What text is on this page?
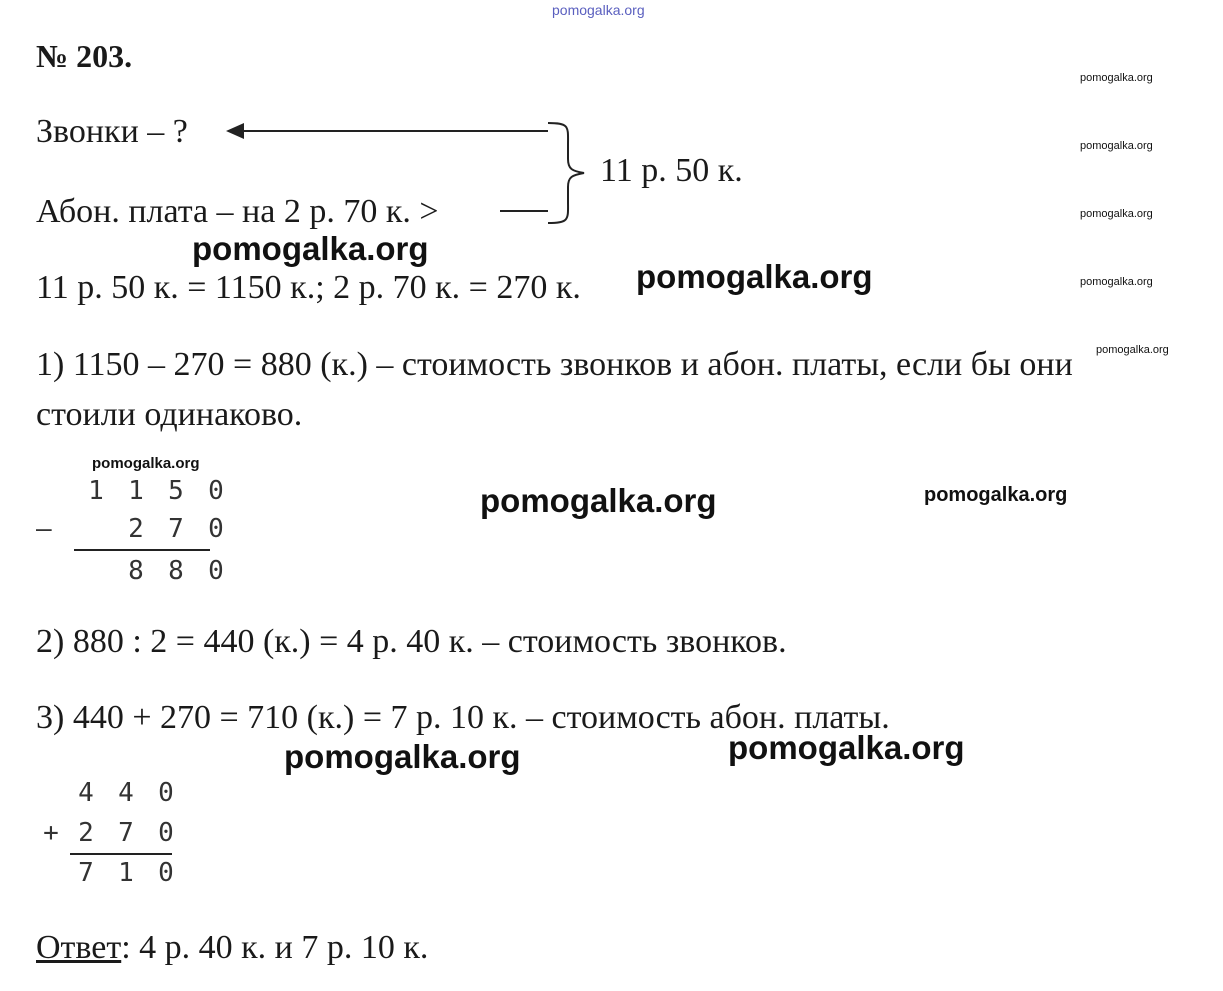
pomogalka.org
№ 203.
pomogalka.org
pomogalka.org
pomogalka.org
pomogalka.org
pomogalka.org
Звонки – ?
Абон. плата – на 2 р. 70 к. >
11 р. 50 к.
pomogalka.org
11 р. 50 к. = 1150 к.; 2 р. 70 к. = 270 к. pomogalka.org
1) 1150 – 270 = 880 (к.) – стоимость звонков и абон. платы, если бы они
стоили одинаково.
pomogalka.org
1 1 5 0
–	2 7 0
8 8 0
pomogalka.org	pomogalka.org
2) 880 : 2 = 440 (к.) = 4 р. 40 к. – стоимость звонков.
3) 440 + 270 = 710 (к.) = 7 р. 10 к. – стоимость абон. платы.
pomogalka.org	pomogalka.org
4 4 0
+ 2 7 0
7 1 0
Ответ: 4 р. 40 к. и 7 р. 10 к.
